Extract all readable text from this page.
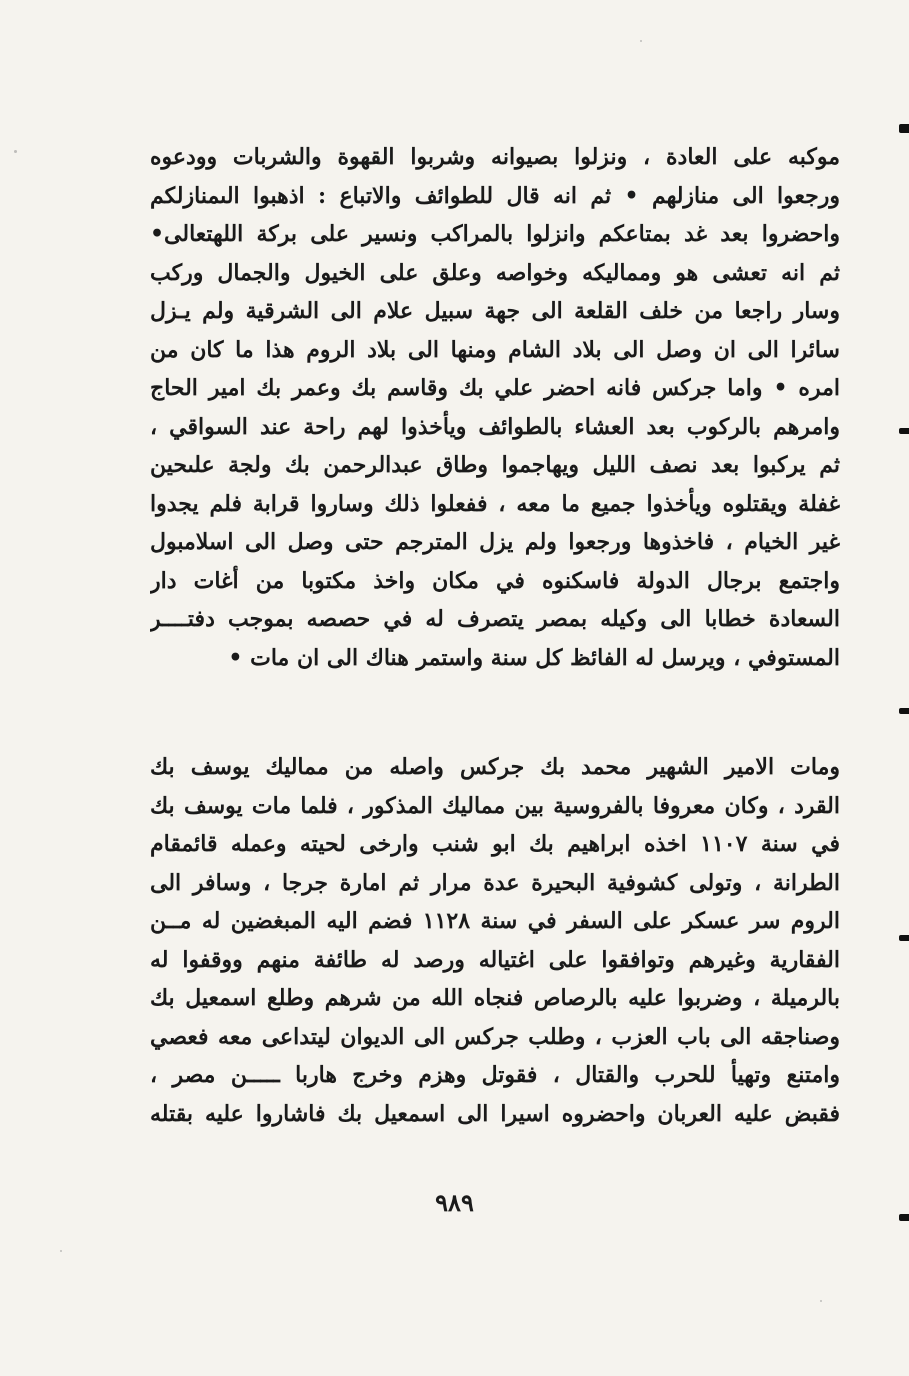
موكبه على العادة ، ونزلوا بصيوانه وشربوا القهوة والشربات وودعوه
ورجعوا الى منازلهم • ثم انه قال للطوائف والاتباع : اذهبوا الىمنازلكم
واحضروا بعد غد بمتاعكم وانزلوا بالمراكب ونسير على بركة اللهتعالى•
ثم انه تعشى هو ومماليكه وخواصه وعلق على الخيول والجمال وركب
وسار راجعا من خلف القلعة الى جهة سبيل علام الى الشرقية ولم يـزل
سائرا الى ان وصل الى بلاد الشام ومنها الى بلاد الروم هذا ما كان من
امره • واما جركس فانه احضر علي بك وقاسم بك وعمر بك امير الحاج
وامرهم بالركوب بعد العشاء بالطوائف ويأخذوا لهم راحة عند السواقي ،
ثم يركبوا بعد نصف الليل ويهاجموا وطاق عبدالرحمن بك ولجة علىحين
غفلة ويقتلوه ويأخذوا جميع ما معه ، ففعلوا ذلك وساروا قرابة فلم يجدوا
غير الخيام ، فاخذوها ورجعوا ولم يزل المترجم حتى وصل الى اسلامبول
واجتمع برجال الدولة فاسكنوه في مكان واخذ مكتوبا من أغات دار
السعادة خطابا الى وكيله بمصر يتصرف له في حصصه بموجب دفتــــر
المستوفي ، ويرسل له الفائظ كل سنة واستمر هناك الى ان مات •
ومات الامير الشهير محمد بك جركس واصله من مماليك يوسف بك
القرد ، وكان معروفا بالفروسية بين مماليك المذكور ، فلما مات يوسف بك
في سنة ١١٠٧ اخذه ابراهيم بك ابو شنب وارخى لحيته وعمله قائمقام
الطرانة ، وتولى كشوفية البحيرة عدة مرار ثم امارة جرجا ، وسافر الى
الروم سر عسكر على السفر في سنة ١١٢٨ فضم اليه المبغضين له مــن
الفقارية وغيرهم وتوافقوا على اغتياله ورصد له طائفة منهم ووقفوا له
بالرميلة ، وضربوا عليه بالرصاص فنجاه الله من شرهم وطلع اسمعيل بك
وصناجقه الى باب العزب ، وطلب جركس الى الديوان ليتداعى معه فعصي
وامتنع وتهيأ للحرب والقتال ، فقوتل وهزم وخرج هاربا ـــــن مصر ،
فقبض عليه العربان واحضروه اسيرا الى اسمعيل بك فاشاروا عليه بقتله
٩٨٩
